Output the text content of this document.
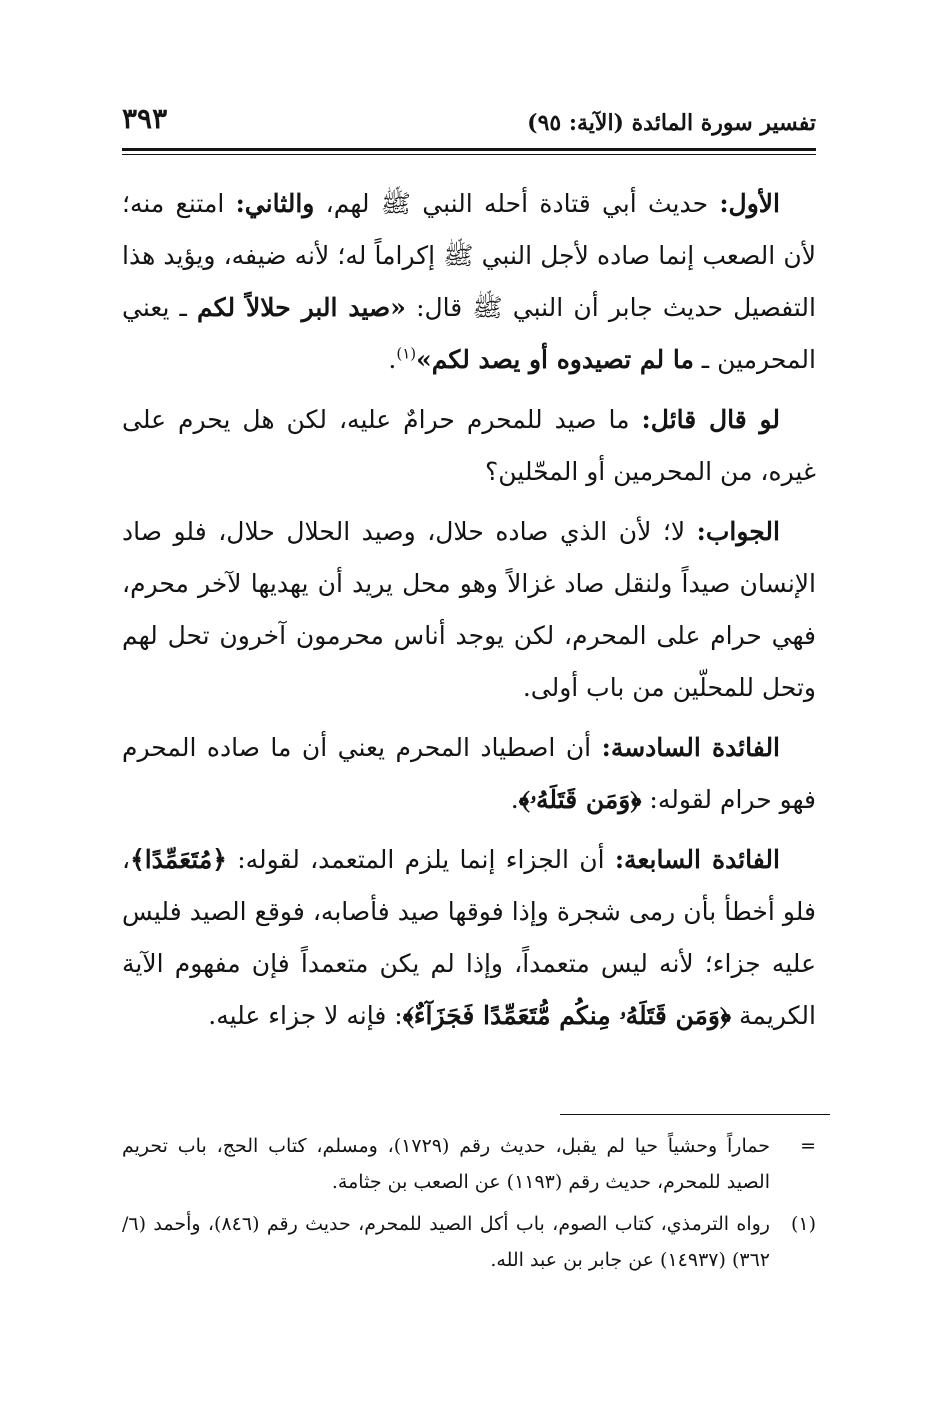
تفسير سورة المائدة (الآية: ٩٥)
٣٩٣

الأول: حديث أبي قتادة أحله النبي ﷺ لهم، والثاني: امتنع منه؛ لأن الصعب إنما صاده لأجل النبي ﷺ إكراماً له؛ لأنه ضيفه، ويؤيد هذا التفصيل حديث جابر أن النبي ﷺ قال: «صيد البر حلالاً لكم ـ يعني المحرمين ـ ما لم تصيدوه أو يصد لكم»$^{(١)}$.

لو قال قائل: ما صيد للمحرم حرامٌ عليه، لكن هل يحرم على غيره، من المحرمين أو المحّلين؟

الجواب: لا؛ لأن الذي صاده حلال، وصيد الحلال حلال، فلو صاد الإنسان صيداً ولنقل صاد غزالاً وهو محل يريد أن يهديها لآخر محرم، فهي حرام على المحرم، لكن يوجد أناس محرمون آخرون تحل لهم وتحل للمحلّين من باب أولى.

الفائدة السادسة: أن اصطياد المحرم يعني أن ما صاده المحرم فهو حرام لقوله: ﴿وَمَن قَتَلَهُۥ﴾.

الفائدة السابعة: أن الجزاء إنما يلزم المتعمد، لقوله: ﴿مُتَعَمِّدًا﴾، فلو أخطأ بأن رمى شجرة وإذا فوقها صيد فأصابه، فوقع الصيد فليس عليه جزاء؛ لأنه ليس متعمداً، وإذا لم يكن متعمداً فإن مفهوم الآية الكريمة ﴿وَمَن قَتَلَهُۥ مِنكُم مُّتَعَمِّدًا فَجَزَآءٌ﴾: فإنه لا جزاء عليه.

=
حماراً وحشياً حيا لم يقبل، حديث رقم (١٧٢٩)، ومسلم، كتاب الحج، باب تحريم الصيد للمحرم، حديث رقم (١١٩٣) عن الصعب بن جثامة.
(١)
رواه الترمذي، كتاب الصوم، باب أكل الصيد للمحرم، حديث رقم (٨٤٦)، وأحمد (٦/ ٣٦٢) (١٤٩٣٧) عن جابر بن عبد الله.
